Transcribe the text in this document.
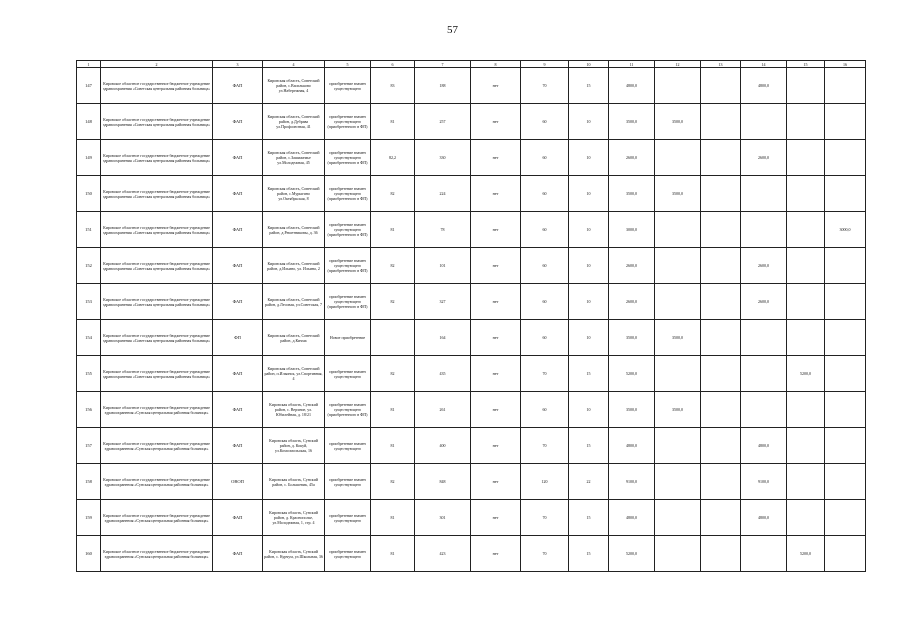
57
1	2	3	4	5	6	7	8	9	10	11	12	13	14	15	16
147	Кировское областное государственное бюджетное учреждение здравоохранения «Советская центральная районная больница»	ФАП	Кировская область, Советский район, с.Васильково ул.Набережная, 4	приобретение взамен существующего	83	188	нет	70	15	4800,0			4800,0		
148	Кировское областное государственное бюджетное учреждение здравоохранения «Советская центральная районная больница»	ФАП	Кировская область, Советский район, д.Дубрава ул.Профсоюзная, 41	приобретение взамен существующего (приобретенного в ФП)	81	257	нет	60	10	3500,0	3500,0				
149	Кировское областное государственное бюджетное учреждение здравоохранения «Советская центральная районная больница»	ФАП	Кировская область, Советский район, с.Зашижемье ул.Молодежная, 45	приобретение взамен существующего (приобретенного в ФП)	82,2	330	нет	60	10	2600,0			2600,0		
150	Кировское областное государственное бюджетное учреждение здравоохранения «Советская центральная районная больница»	ФАП	Кировская область, Советский район, с.Мурыгино ул.Октябрьская, 8	приобретение взамен существующего (приобретенного в ФП)	82	224	нет	60	10	3500,0	3500,0				
151	Кировское областное государственное бюджетное учреждение здравоохранения «Советская центральная районная больница»	ФАП	Кировская область, Советский район, д.Решетниковы, д. 36	приобретение взамен существующего (приобретенного в ФП)	81	78	нет	60	10	3000,0					3000,0
152	Кировское областное государственное бюджетное учреждение здравоохранения «Советская центральная районная больница»	ФАП	Кировская область, Советский район, д.Ильино, ул. Ильина, 2	приобретение взамен существующего (приобретенного в ФП)	82	101	нет	60	10	2600,0			2600,0		
153	Кировское областное государственное бюджетное учреждение здравоохранения «Советская центральная районная больница»	ФАП	Кировская область, Советский район, д.Лесовая, ул.Советская, 7	приобретение взамен существующего (приобретенного в ФП)	82	327	нет	60	10	2600,0			2600,0		
154	Кировское областное государственное бюджетное учреждение здравоохранения «Советская центральная районная больница»	ФП	Кировская область, Советский район, д.Кичма	Новое приобретение		164	нет	60	10	3500,0	3500,0				
155	Кировское областное государственное бюджетное учреждение здравоохранения «Советская центральная районная больница»	ФАП	Кировская область, Советский район, п.Ильинск, ул.Спортивная, 4	приобретение взамен существующего	82	435	нет	70	15	5200,0				5200,0	
156	Кировское областное государственное бюджетное учреждение здравоохранения «Сунская центральная районная больница»	ФАП	Кировская область, Сунский район, с. Верхние, ул. Юбилейная, д. 18/21	приобретение взамен существующего (приобретенного в ФП)	81	261	нет	60	10	3500,0	3500,0				
157	Кировское областное государственное бюджетное учреждение здравоохранения «Сунская центральная районная больница»	ФАП	Кировская область, Сунский район, д. Кокуй, ул.Комсомольская, 16	приобретение взамен существующего	81	400	нет	70	15	4800,0			4800,0		
158	Кировское областное государственное бюджетное учреждение здравоохранения «Сунская центральная районная больница»	ОВОП	Кировская область, Сунский район, с. Большевик, 45а	приобретение взамен существующего	82	848	нет	120	22	9100,0			9100,0		
159	Кировское областное государственное бюджетное учреждение здравоохранения «Сунская центральная районная больница»	ФАП	Кировская область, Сунский район, д. Краснополье, ул.Молодежная, 1, стр. 4	приобретение взамен существующего	81	301	нет	70	15	4800,0			4800,0		
160	Кировское областное государственное бюджетное учреждение здравоохранения «Сунская центральная районная больница»	ФАП	Кировская область, Сунский район, с. Курчум, ул.Школьная, 36	приобретение взамен существующего	81	423	нет	70	15	5200,0				5200,0	
